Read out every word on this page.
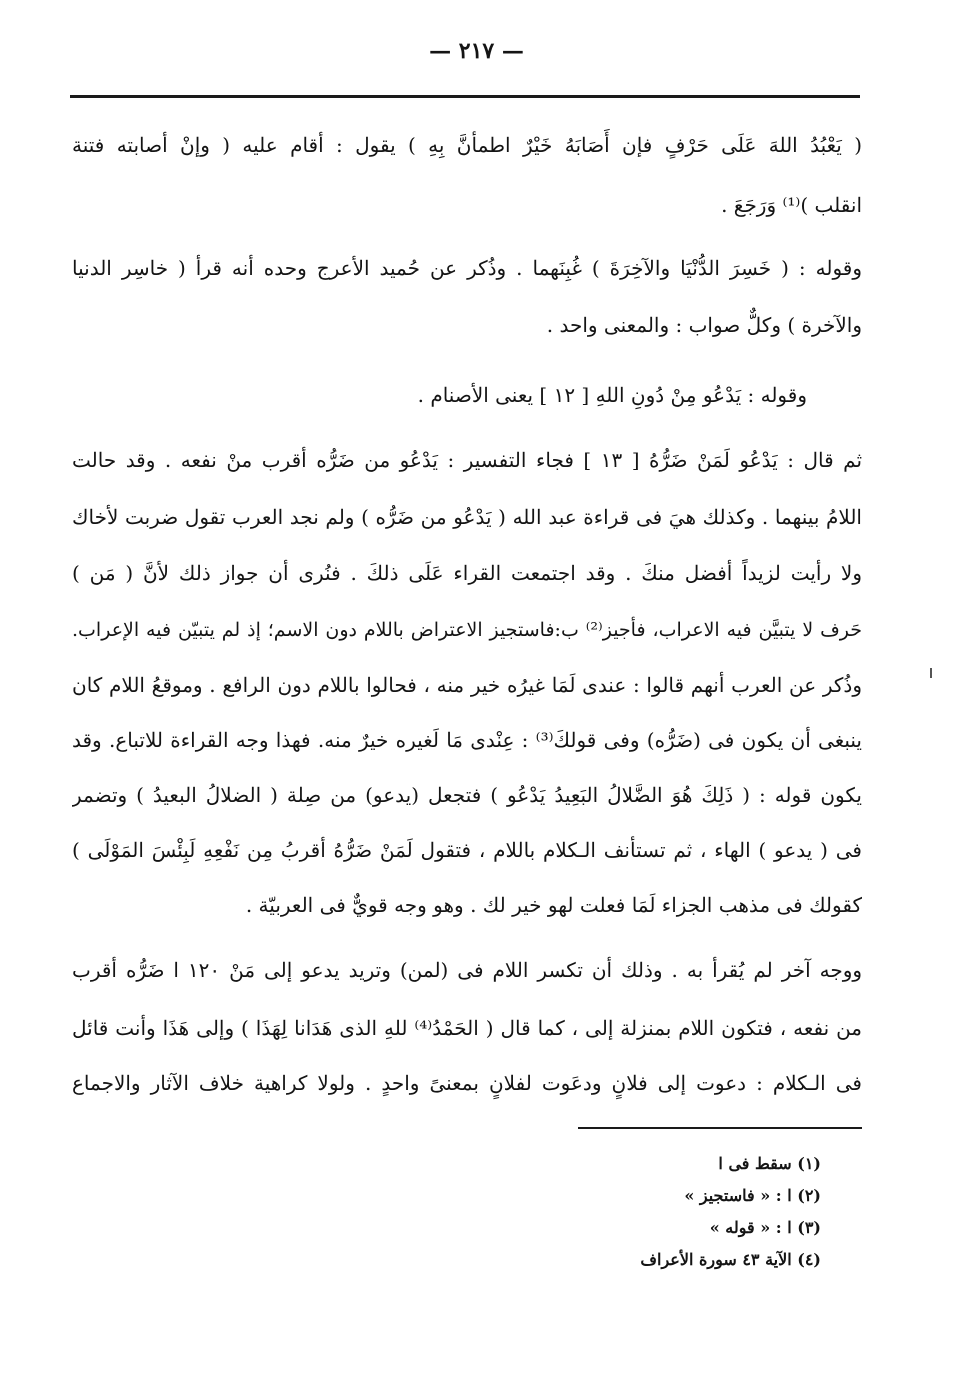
— ٢١٧ —
( يَعْبُدُ اللهَ عَلَى حَرْفٍ فإن أَصَابَهُ خَيْرٌ اطمأنَّ بِهِ ) يقول : أقام عليه ( وإنْ أصابته فتنة
انقلب )⁽¹⁾ وَرَجَعَ .
وقوله : ( خَسِرَ الدُّنْيَا والآخِرَةَ ) غُبِنَهما . وذُكر عن حُميد الأعرج وحده أنه قرأ ( خاسِر الدنيا
والآخرة ) وكلٌّ صواب : والمعنى واحد .
وقوله : يَدْعُو مِنْ دُونِ اللهِ [ ١٢ ] يعنى الأصنام .
ثم قال : يَدْعُو لَمَنْ ضَرُّهُ [ ١٣ ] فجاء التفسير : يَدْعُو من ضَرُّه أقرب منْ نفعه . وقد حالت
اللامُ بينهما . وكذلك هيَ فى قراءة عبد الله ( يَدْعُو من ضَرُّه ) ولم نجد العرب تقول ضربت لأخاك
ولا رأيت لزيداً أفضل منكَ . وقد اجتمعت القراء عَلَى ذلكَ . فنُرى أن جواز ذلك لأنَّ ( مَن )
حَرف لا يتبيَّن فيه الاعراب، فأجيز⁽²⁾ ب:فاستجيز الاعتراض باللام دون الاسم؛ إذ لم يتبيّن فيه الإعراب.
وذُكر عن العرب أنهم قالوا : عندى لَمَا غيرُه خير منه ، فحالوا باللام دون الرافع . وموقعُ اللام كان
ينبغى أن يكون فى (ضَرُّه) وفى قولكَ⁽³⁾ : عِنْدى مَا لَغيره خيرٌ منه. فهذا وجه القراءة للاتباع. وقد
يكون قوله : ( ذَلِكَ هُوَ الضَّلالُ البَعِيدُ يَدْعُو ) فتجعل (يدعو) من صِلة ( الضلالُ البعيدُ ) وتضمر
فى ( يدعو ) الهاء ، ثم تستأنف الـكلام باللام ، فتقول لَمَنْ ضَرُّهُ أقربُ مِن نَفْعِهِ لَبِئْسَ المَوْلَى )
كقولك فى مذهب الجزاء لَمَا فعلت لهو خير لك . وهو وجه قويٌّ فى العربيّة .
ووجه آخر لم يُقرأ به . وذلك أن تكسر اللام فى (لمن) وتريد يدعو إلى مَنْ ١٢٠ ا ضَرُّه أقرب
من نفعه ، فتكون اللام بمنزلة إلى ، كما قال ( الحَمْدُ⁽⁴⁾ للهِ الذى هَدَانا لِهَذَا ) وإلى هَذَا وأنت قائل
فى الـكلام : دعوت إلى فلانٍ ودعَوت لفلانٍ بمعنىً واحدٍ . ولولا كراهية خلاف الآثار والاجماع
(١) سقط فى ا
(٢) ا : « فاستجيز »
(٣) ا : « قوله »
(٤) الآية ٤٣ سورة الأعراف
